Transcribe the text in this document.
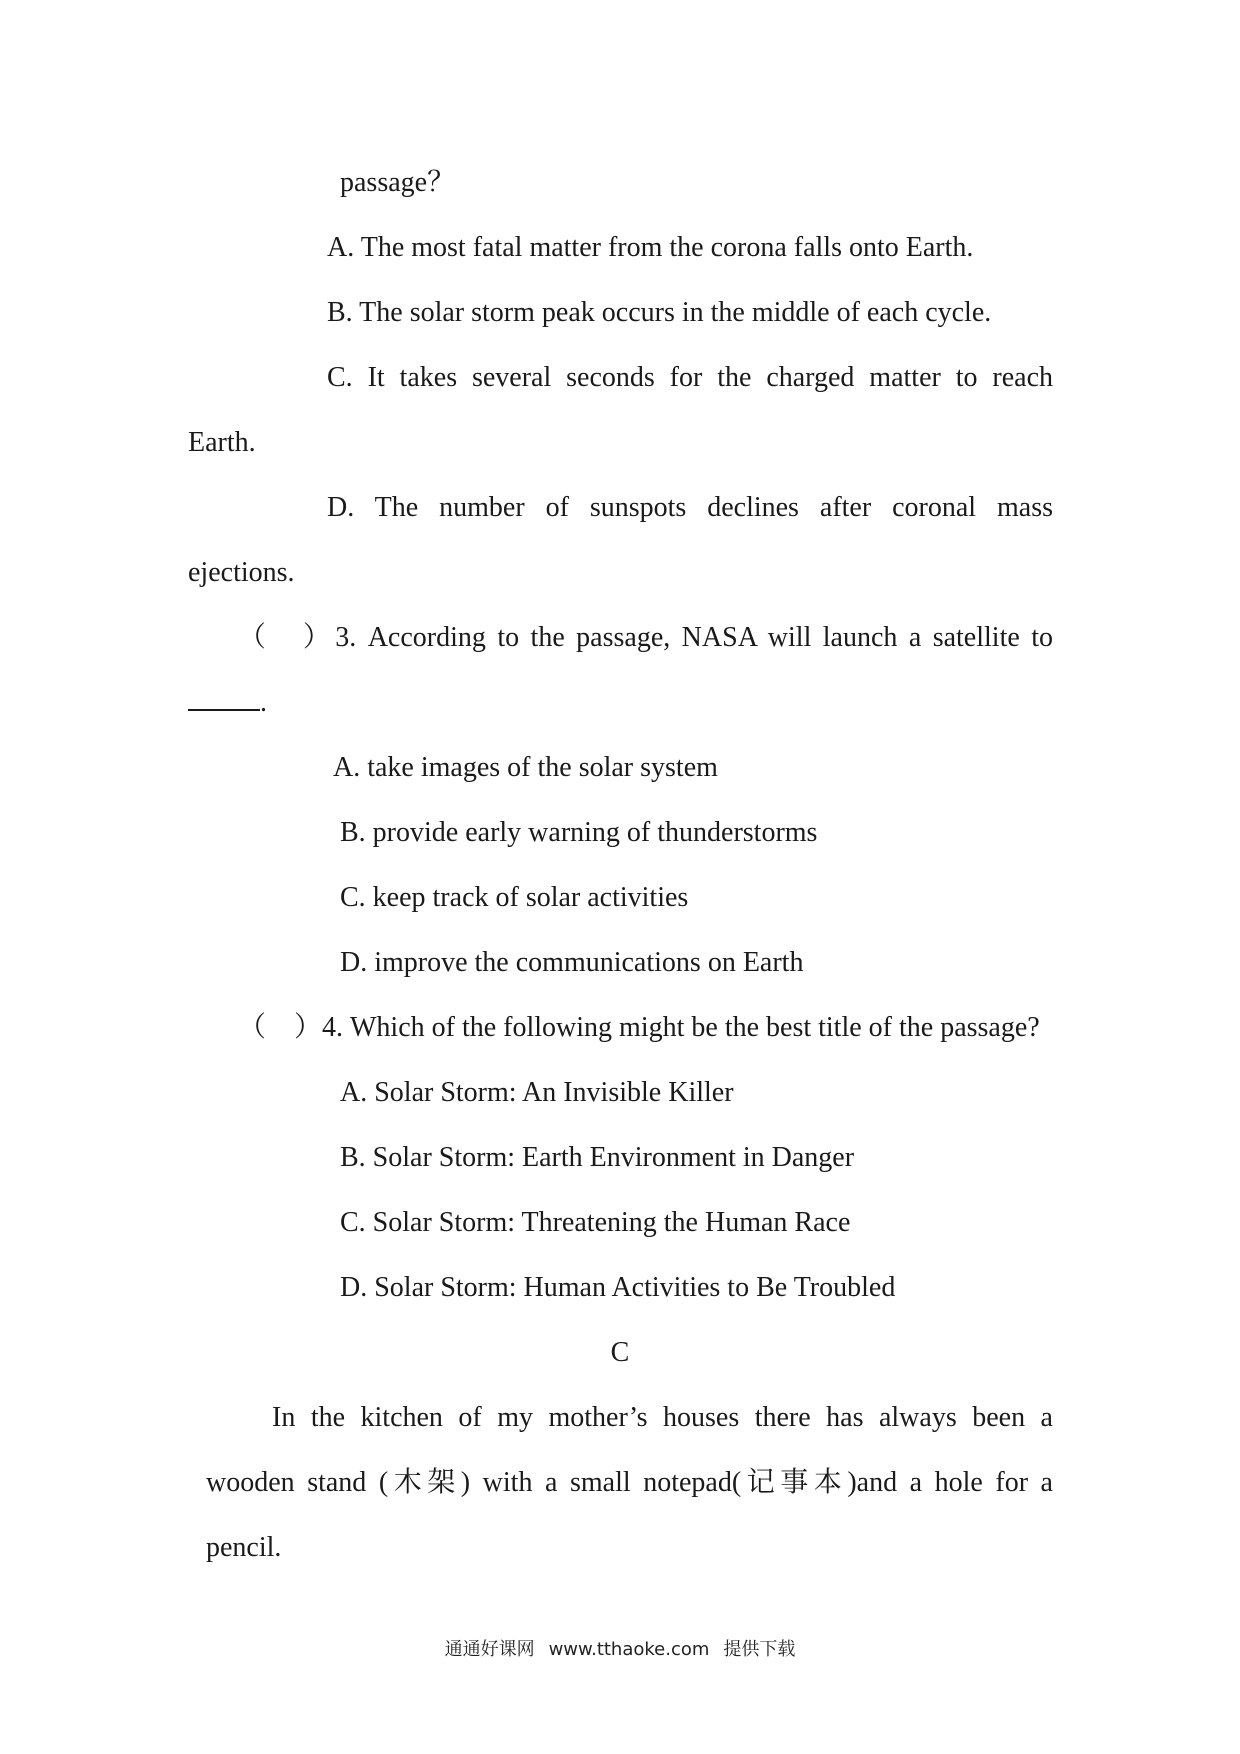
passage？
A. The most fatal matter from the corona falls onto Earth.
B. The solar storm peak occurs in the middle of each cycle.
C. It takes several seconds for the charged matter to reach
Earth.
D. The number of sunspots declines after coronal mass
ejections.
（　）3. According to the passage, NASA will launch a satellite to
.
A. take images of the solar system
B. provide early warning of thunderstorms
C. keep track of solar activities
D. improve the communications on Earth
（　）4. Which of the following might be the best title of the passage?
A. Solar Storm: An Invisible Killer
B. Solar Storm: Earth Environment in Danger
C. Solar Storm: Threatening the Human Race
D. Solar Storm: Human Activities to Be Troubled
C
In the kitchen of my mother’s houses there has always been a
wooden stand (木架) with a small notepad(记事本)and a hole for a
pencil.
通通好课网 www.tthaoke.com 提供下载
